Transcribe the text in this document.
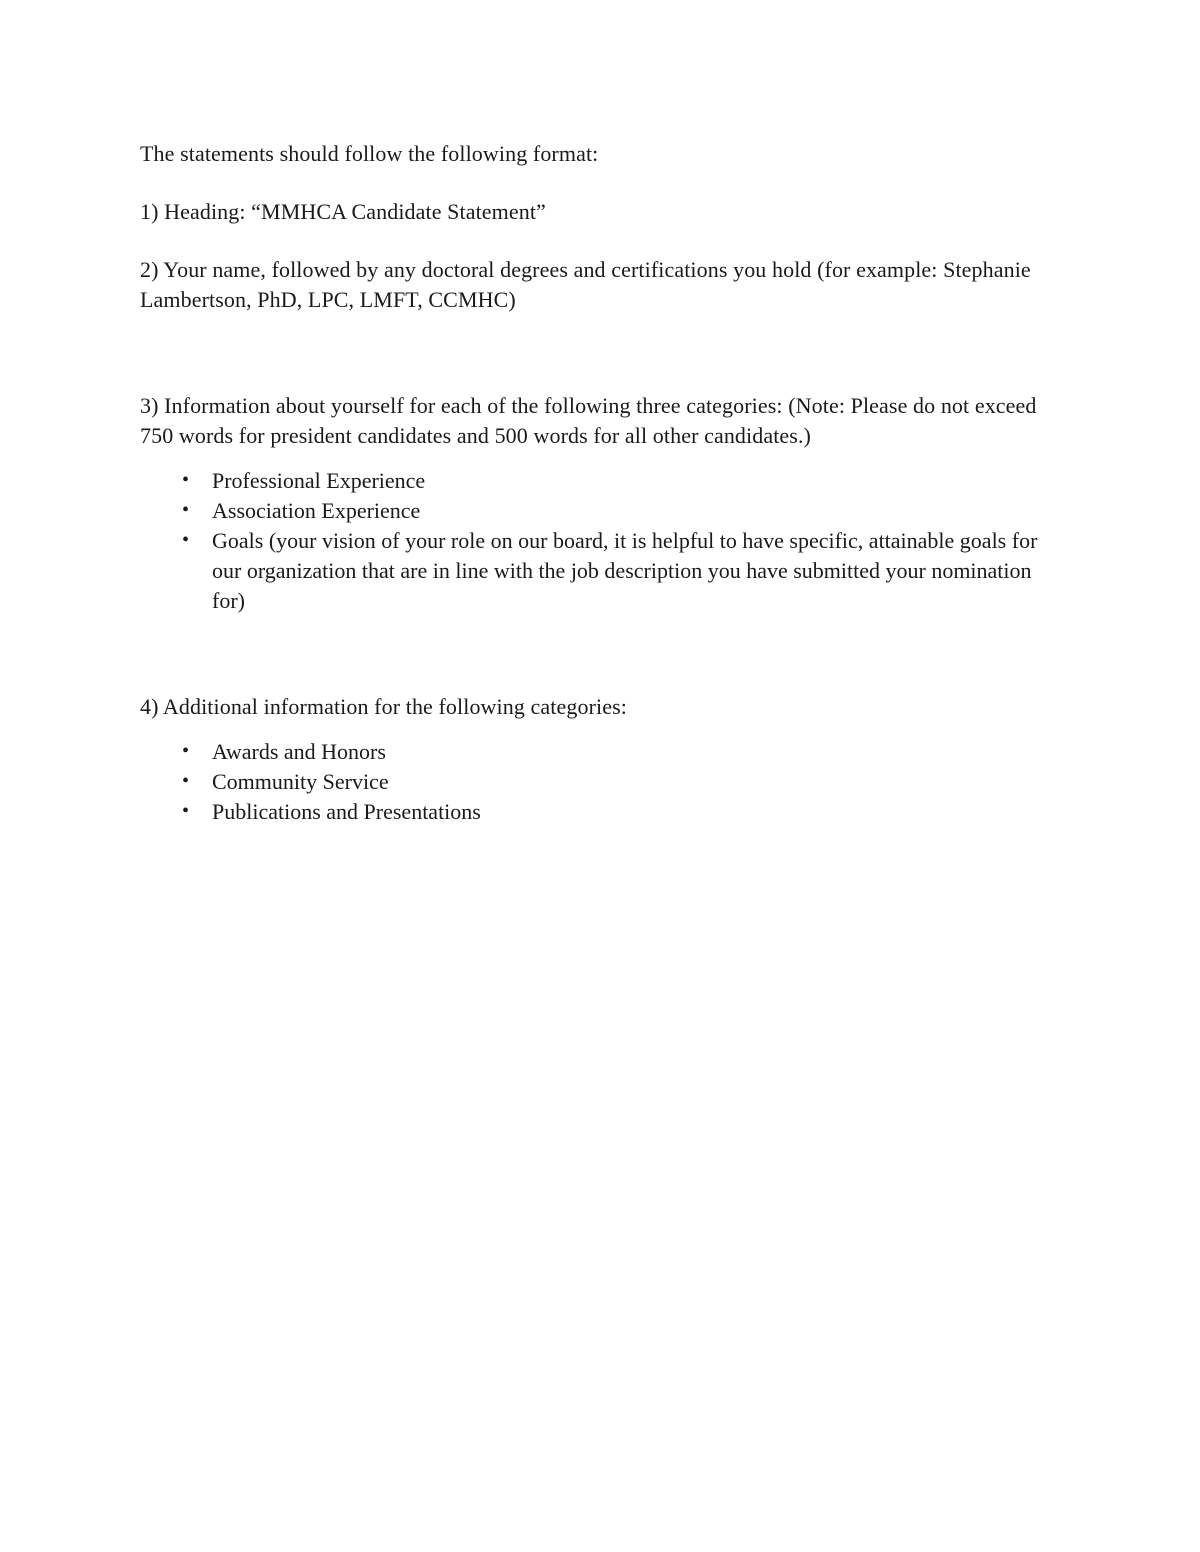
The statements should follow the following format:

1) Heading: “MMHCA Candidate Statement”

2) Your name, followed by any doctoral degrees and certifications you hold (for example: Stephanie Lambertson, PhD, LPC, LMFT, CCMHC)

3) Information about yourself for each of the following three categories: (Note: Please do not exceed 750 words for president candidates and 500 words for all other candidates.)

• Professional Experience
• Association Experience
• Goals (your vision of your role on our board, it is helpful to have specific, attainable goals for our organization that are in line with the job description you have submitted your nomination for)

4) Additional information for the following categories:

• Awards and Honors
• Community Service
• Publications and Presentations
